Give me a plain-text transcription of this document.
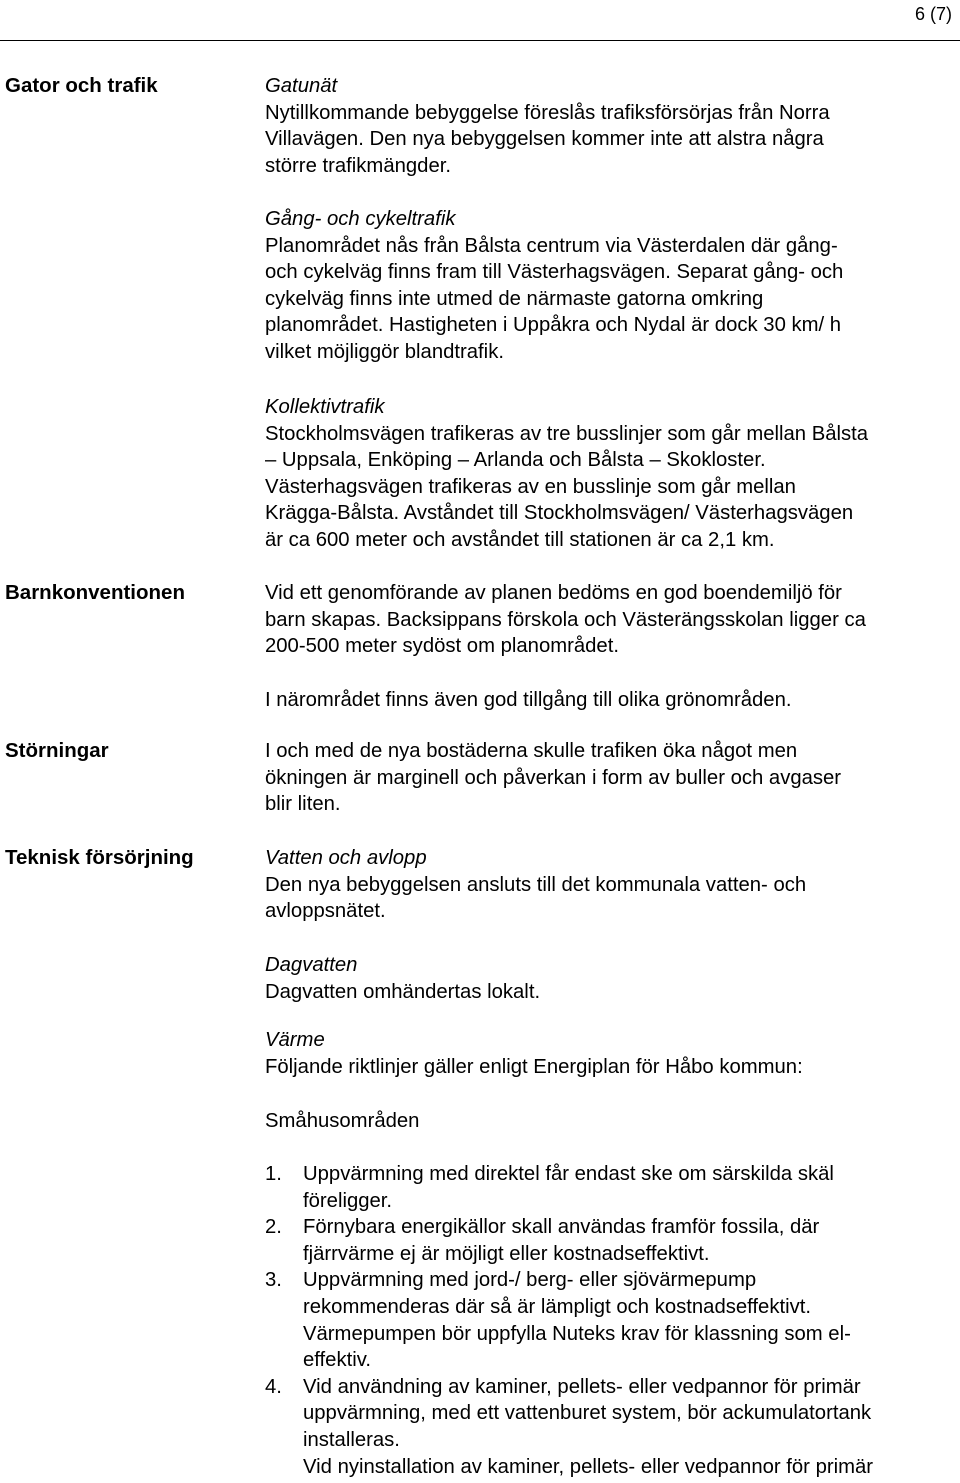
6 (7)
Gator och trafik	Gatunät
Nytillkommande bebyggelse föreslås trafiksförsörjas från Norra
Villavägen. Den nya bebyggelsen kommer inte att alstra några
större trafikmängder.
Gång- och cykeltrafik
Planområdet nås från Bålsta centrum via Västerdalen där gång-
och cykelväg finns fram till Västerhagsvägen. Separat gång- och
cykelväg finns inte utmed de närmaste gatorna omkring
planområdet. Hastigheten i Uppåkra och Nydal är dock 30 km/ h
vilket möjliggör blandtrafik.
Kollektivtrafik
Stockholmsvägen trafikeras av tre busslinjer som går mellan Bålsta
– Uppsala, Enköping – Arlanda och Bålsta – Skokloster.
Västerhagsvägen trafikeras av en busslinje som går mellan
Krägga-Bålsta. Avståndet till Stockholmsvägen/ Västerhagsvägen
är ca 600 meter och avståndet till stationen är ca 2,1 km.
Barnkonventionen	Vid ett genomförande av planen bedöms en god boendemiljö för
barn skapas. Backsippans förskola och Västerängsskolan ligger ca
200-500 meter sydöst om planområdet.
I närområdet finns även god tillgång till olika grönområden.
Störningar	I och med de nya bostäderna skulle trafiken öka något men
ökningen är marginell och påverkan i form av buller och avgaser
blir liten.
Teknisk försörjning	Vatten och avlopp
Den nya bebyggelsen ansluts till det kommunala vatten- och
avloppsnätet.
Dagvatten
Dagvatten omhändertas lokalt.
Värme
Följande riktlinjer gäller enligt Energiplan för Håbo kommun:
Småhusområden
1. Uppvärmning med direktel får endast ske om särskilda skäl
föreligger.
2. Förnybara energikällor skall användas framför fossila, där
fjärrvärme ej är möjligt eller kostnadseffektivt.
3. Uppvärmning med jord-/ berg- eller sjövärmepump
rekommenderas där så är lämpligt och kostnadseffektivt.
Värmepumpen bör uppfylla Nuteks krav för klassning som el-
effektiv.
4. Vid användning av kaminer, pellets- eller vedpannor för primär
uppvärmning, med ett vattenburet system, bör ackumulatortank
installeras.
Vid nyinstallation av kaminer, pellets- eller vedpannor för primär
